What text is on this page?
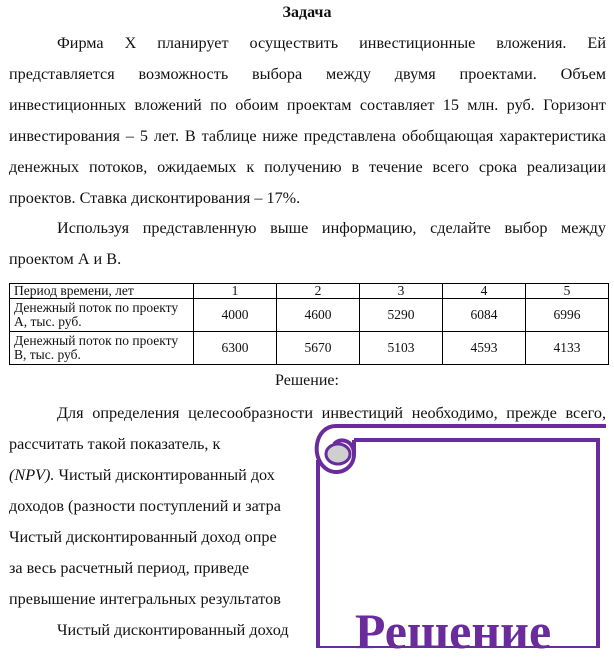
Задача
Фирма X планирует осуществить инвестиционные вложения. Ей представляется возможность выбора между двумя проектами. Объем инвестиционных вложений по обоим проектам составляет 15 млн. руб. Горизонт инвестирования – 5 лет. В таблице ниже представлена обобщающая характеристика денежных потоков, ожидаемых к получению в течение всего срока реализации проектов. Ставка дисконтирования – 17%.
Используя представленную выше информацию, сделайте выбор между проектом А и В.
Период времени, лет	1	2	3	4	5
Денежный поток по проекту А, тыс. руб.	4000	4600	5290	6084	6996
Денежный поток по проекту В, тыс. руб.	6300	5670	5103	4593	4133
Решение:
Для определения целесообразности инвестиций необходимо, прежде всего, рассчитать такой показатель, к
(NPV). Чистый дисконтированный дох
доходов (разности поступлений и затра
Чистый дисконтированный доход опре
за весь расчетный период, приведе
превышение интегральных результатов
Чистый дисконтированный доход	Решение
